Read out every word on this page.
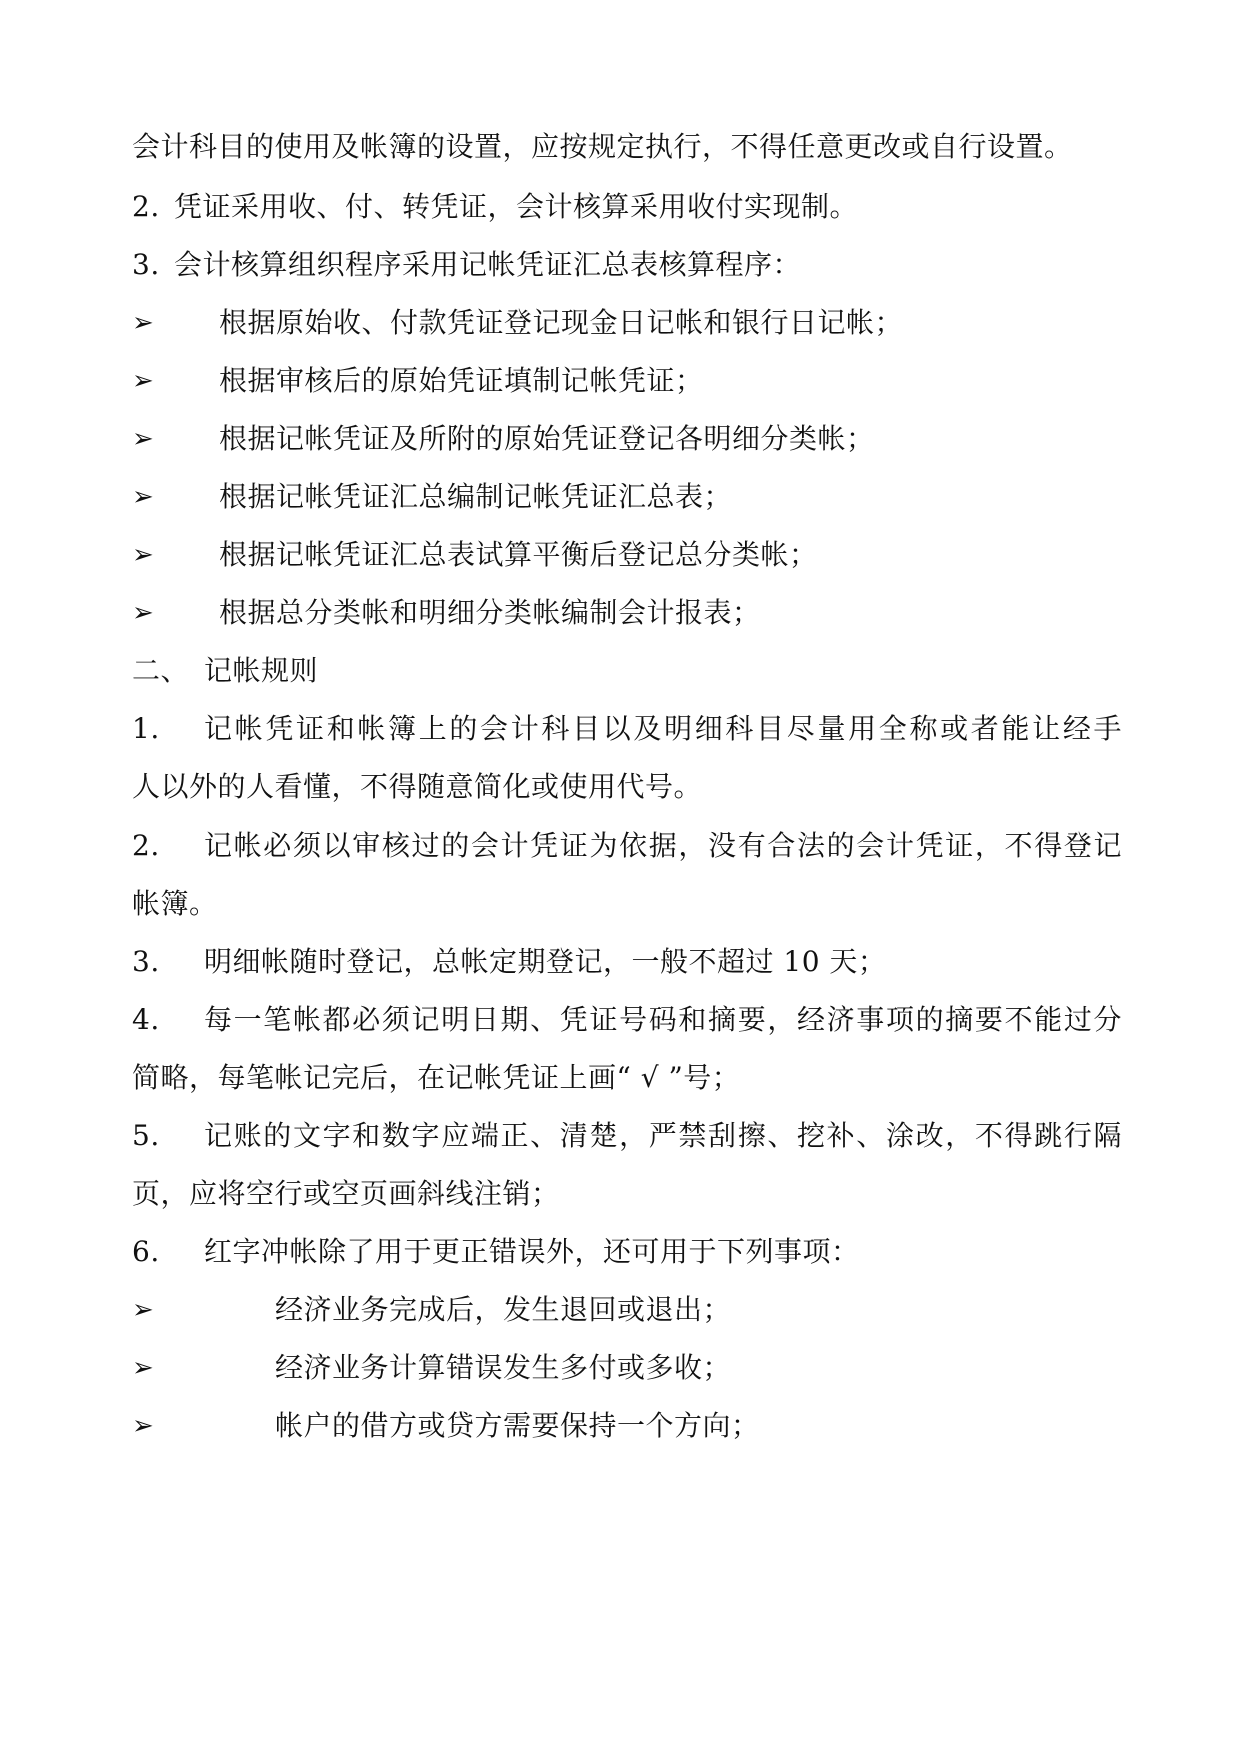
会计科目的使用及帐簿的设置，应按规定执行，不得任意更改或自行设置。
2. 凭证采用收、付、转凭证，会计核算采用收付实现制。
3. 会计核算组织程序采用记帐凭证汇总表核算程序：
➢ 根据原始收、付款凭证登记现金日记帐和银行日记帐；
➢ 根据审核后的原始凭证填制记帐凭证；
➢ 根据记帐凭证及所附的原始凭证登记各明细分类帐；
➢ 根据记帐凭证汇总编制记帐凭证汇总表；
➢ 根据记帐凭证汇总表试算平衡后登记总分类帐；
➢ 根据总分类帐和明细分类帐编制会计报表；
二、 记帐规则
1. 记帐凭证和帐簿上的会计科目以及明细科目尽量用全称或者能让经手
人以外的人看懂，不得随意简化或使用代号。
2. 记帐必须以审核过的会计凭证为依据，没有合法的会计凭证，不得登记
帐簿。
3. 明细帐随时登记，总帐定期登记，一般不超过 10 天；
4. 每一笔帐都必须记明日期、凭证号码和摘要，经济事项的摘要不能过分
简略，每笔帐记完后，在记帐凭证上画“ √ ”号；
5. 记账的文字和数字应端正、清楚，严禁刮擦、挖补、涂改，不得跳行隔
页，应将空行或空页画斜线注销；
6. 红字冲帐除了用于更正错误外，还可用于下列事项：
➢	经济业务完成后，发生退回或退出；
➢	经济业务计算错误发生多付或多收；
➢	帐户的借方或贷方需要保持一个方向；
